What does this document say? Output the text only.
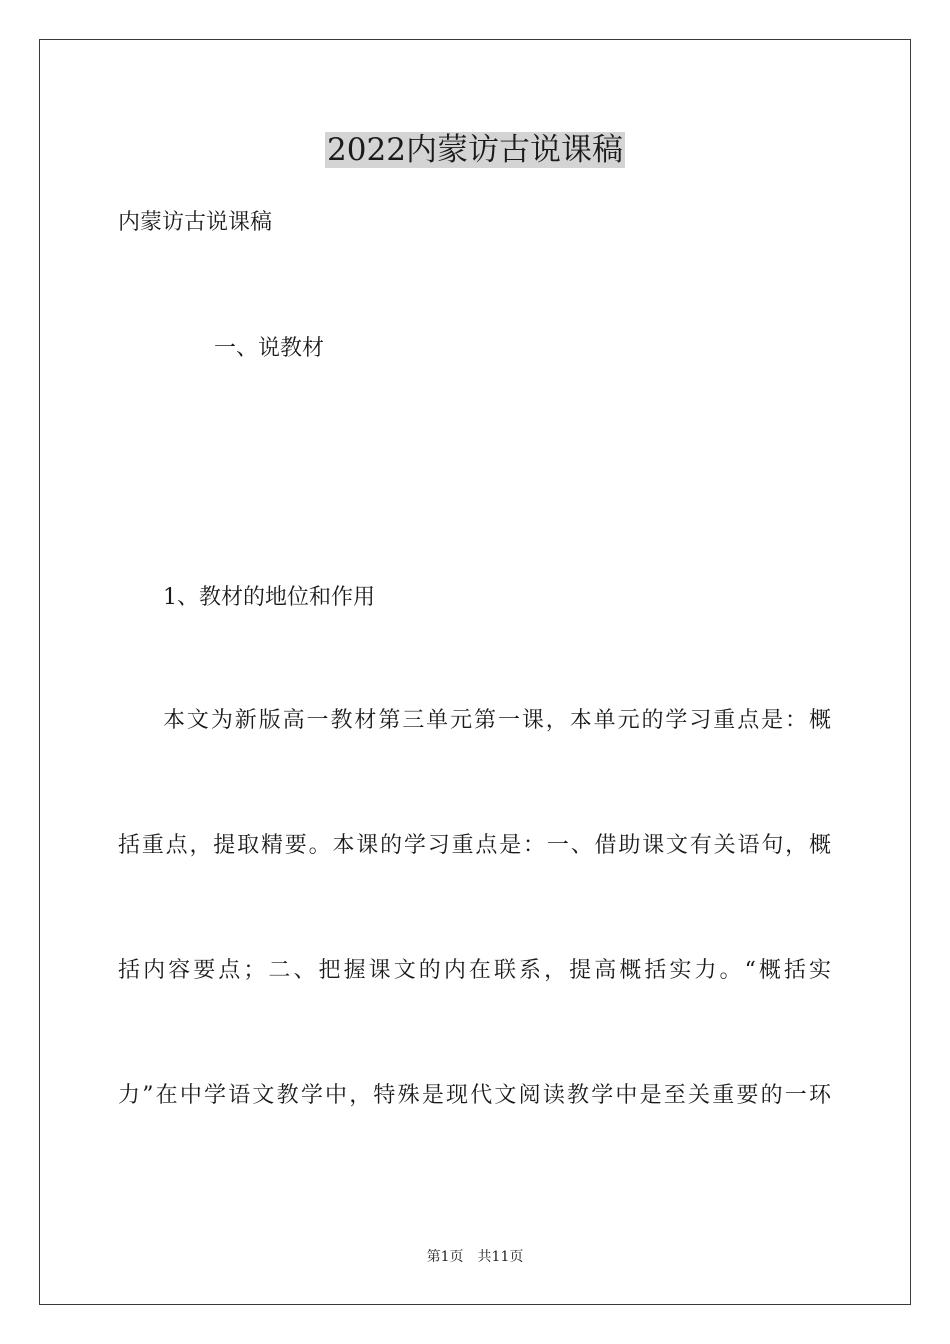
2022内蒙访古说课稿
内蒙访古说课稿
一、说教材
1、教材的地位和作用
本文为新版高一教材第三单元第一课，本单元的学习重点是：概
括重点，提取精要。本课的学习重点是：一、借助课文有关语句，概
括内容要点；二、把握课文的内在联系，提高概括实力。“概括实
力”在中学语文教学中，特殊是现代文阅读教学中是至关重要的一环
第1页 共11页
